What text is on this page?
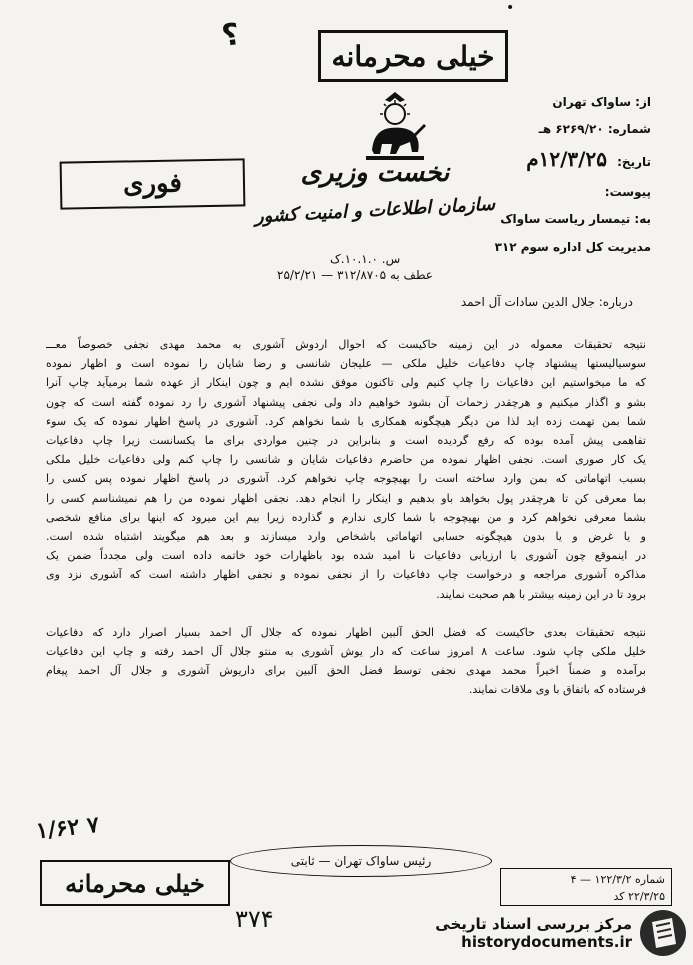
•
؟
خیلی محرمانه
نخست وزیری
سازمان اطلاعات و امنیت کشور
س. ۱۰.۱.۰.ک
فوری
از: ساواک تهران
شماره: ۶۲۶۹/۲۰ هـ
تاریخ: ۱۲/۳/۲۵م
پیوست:
به: تیمسار ریاست ساواک
مدیریت کل اداره سوم ۳۱۲
عطف به ۳۱۲/۸۷۰۵ — ۲۵/۲/۲۱
درباره: جلال الدین سادات آل احمد
نتیجه تحقیقات معموله در این زمینه حاکیست که احوال اردوش آشوری به محمد مهدی نجفی خصوصاً معـــ
سوسیالیستها پیشنهاد چاپ دفاعیات خلیل ملکی — علیجان شانسی و رضا شایان را نموده است و اظهار نموده
که ما میخواستیم این دفاعیات را چاپ کنیم ولی تاکنون موفق نشده ایم و چون اینکار از عهده شما برمیآید چاپ آنرا
بشو و اگذار میکنیم و هرچقدر زحمات آن بشود خواهیم داد ولی نجفی پیشنهاد آشوری را رد نموده گفته است که چون
شما بمن تهمت زده اید لذا من دیگر هیچگونه همکاری با شما نخواهم کرد. آشوری در پاسخ اظهار نموده که یک سوء
تفاهمی پیش آمده بوده که رفع گردیده است و بنابراین در چنین مواردی برای ما یکسانست زیرا چاپ دفاعیات
یک کار صوری است. نجفی اظهار نموده من حاضرم دفاعیات شایان و شانسی را چاپ کنم ولی دفاعیات خلیل ملکی
بسبب اتهاماتی که بمن وارد ساخته است را بهیچوجه چاپ نخواهم کرد. آشوری در پاسخ اظهار نموده پس کسی را
بما معرفی کن تا هرچقدر پول بخواهد باو بدهیم و اینکار را انجام دهد. نجفی اظهار نموده من را هم نمیشناسم کسی را
بشما معرفی نخواهم کرد و من بهیچوجه با شما کاری ندارم و گذارده زیرا بیم این میرود که اینها برای منافع شخصی
و یا غرض و یا بدون هیچگونه حسابی اتهاماتی باشخاص وارد میسازند و بعد هم میگویند اشتباه شده است.
در اینموقع چون آشوری با ارزیابی دفاعیات نا امید شده بود باظهارات خود خاتمه داده است ولی مجدداً ضمن یک
مذاکره آشوری مراجعه و درخواست چاپ دفاعیات را از نجفی نموده و نجفی اظهار داشته است که آشوری نزد وی
برود تا در این زمینه بیشتر با هم صحبت نمایند.
نتیجه تحقیقات بعدی حاکیست که فضل الحق آلبین اظهار نموده که جلال آل احمد بسیار اصرار دارد که دفاعیات
خلیل ملکی چاپ شود. ساعت ۸ امروز ساعت که دار یوش آشوری به منتو جلال آل احمد رفته و چاپ این دفاعیات
برآمده و ضمناً اخیراً محمد مهدی نجفی توسط فضل الحق آلبین برای داریوش آشوری و جلال آل احمد پیغام
فرستاده که باتفاق با وی ملاقات نمایند.
۱/۶۲ ۷
رئیس ساواک تهران — ثابتی
خیلی محرمانه	شماره ۱۲۲/۳/۲ — ۴
۲۲/۳/۲۵ کد
۳۷۴	مرکز بررسی اسناد تاریخی
historydocuments.ir
